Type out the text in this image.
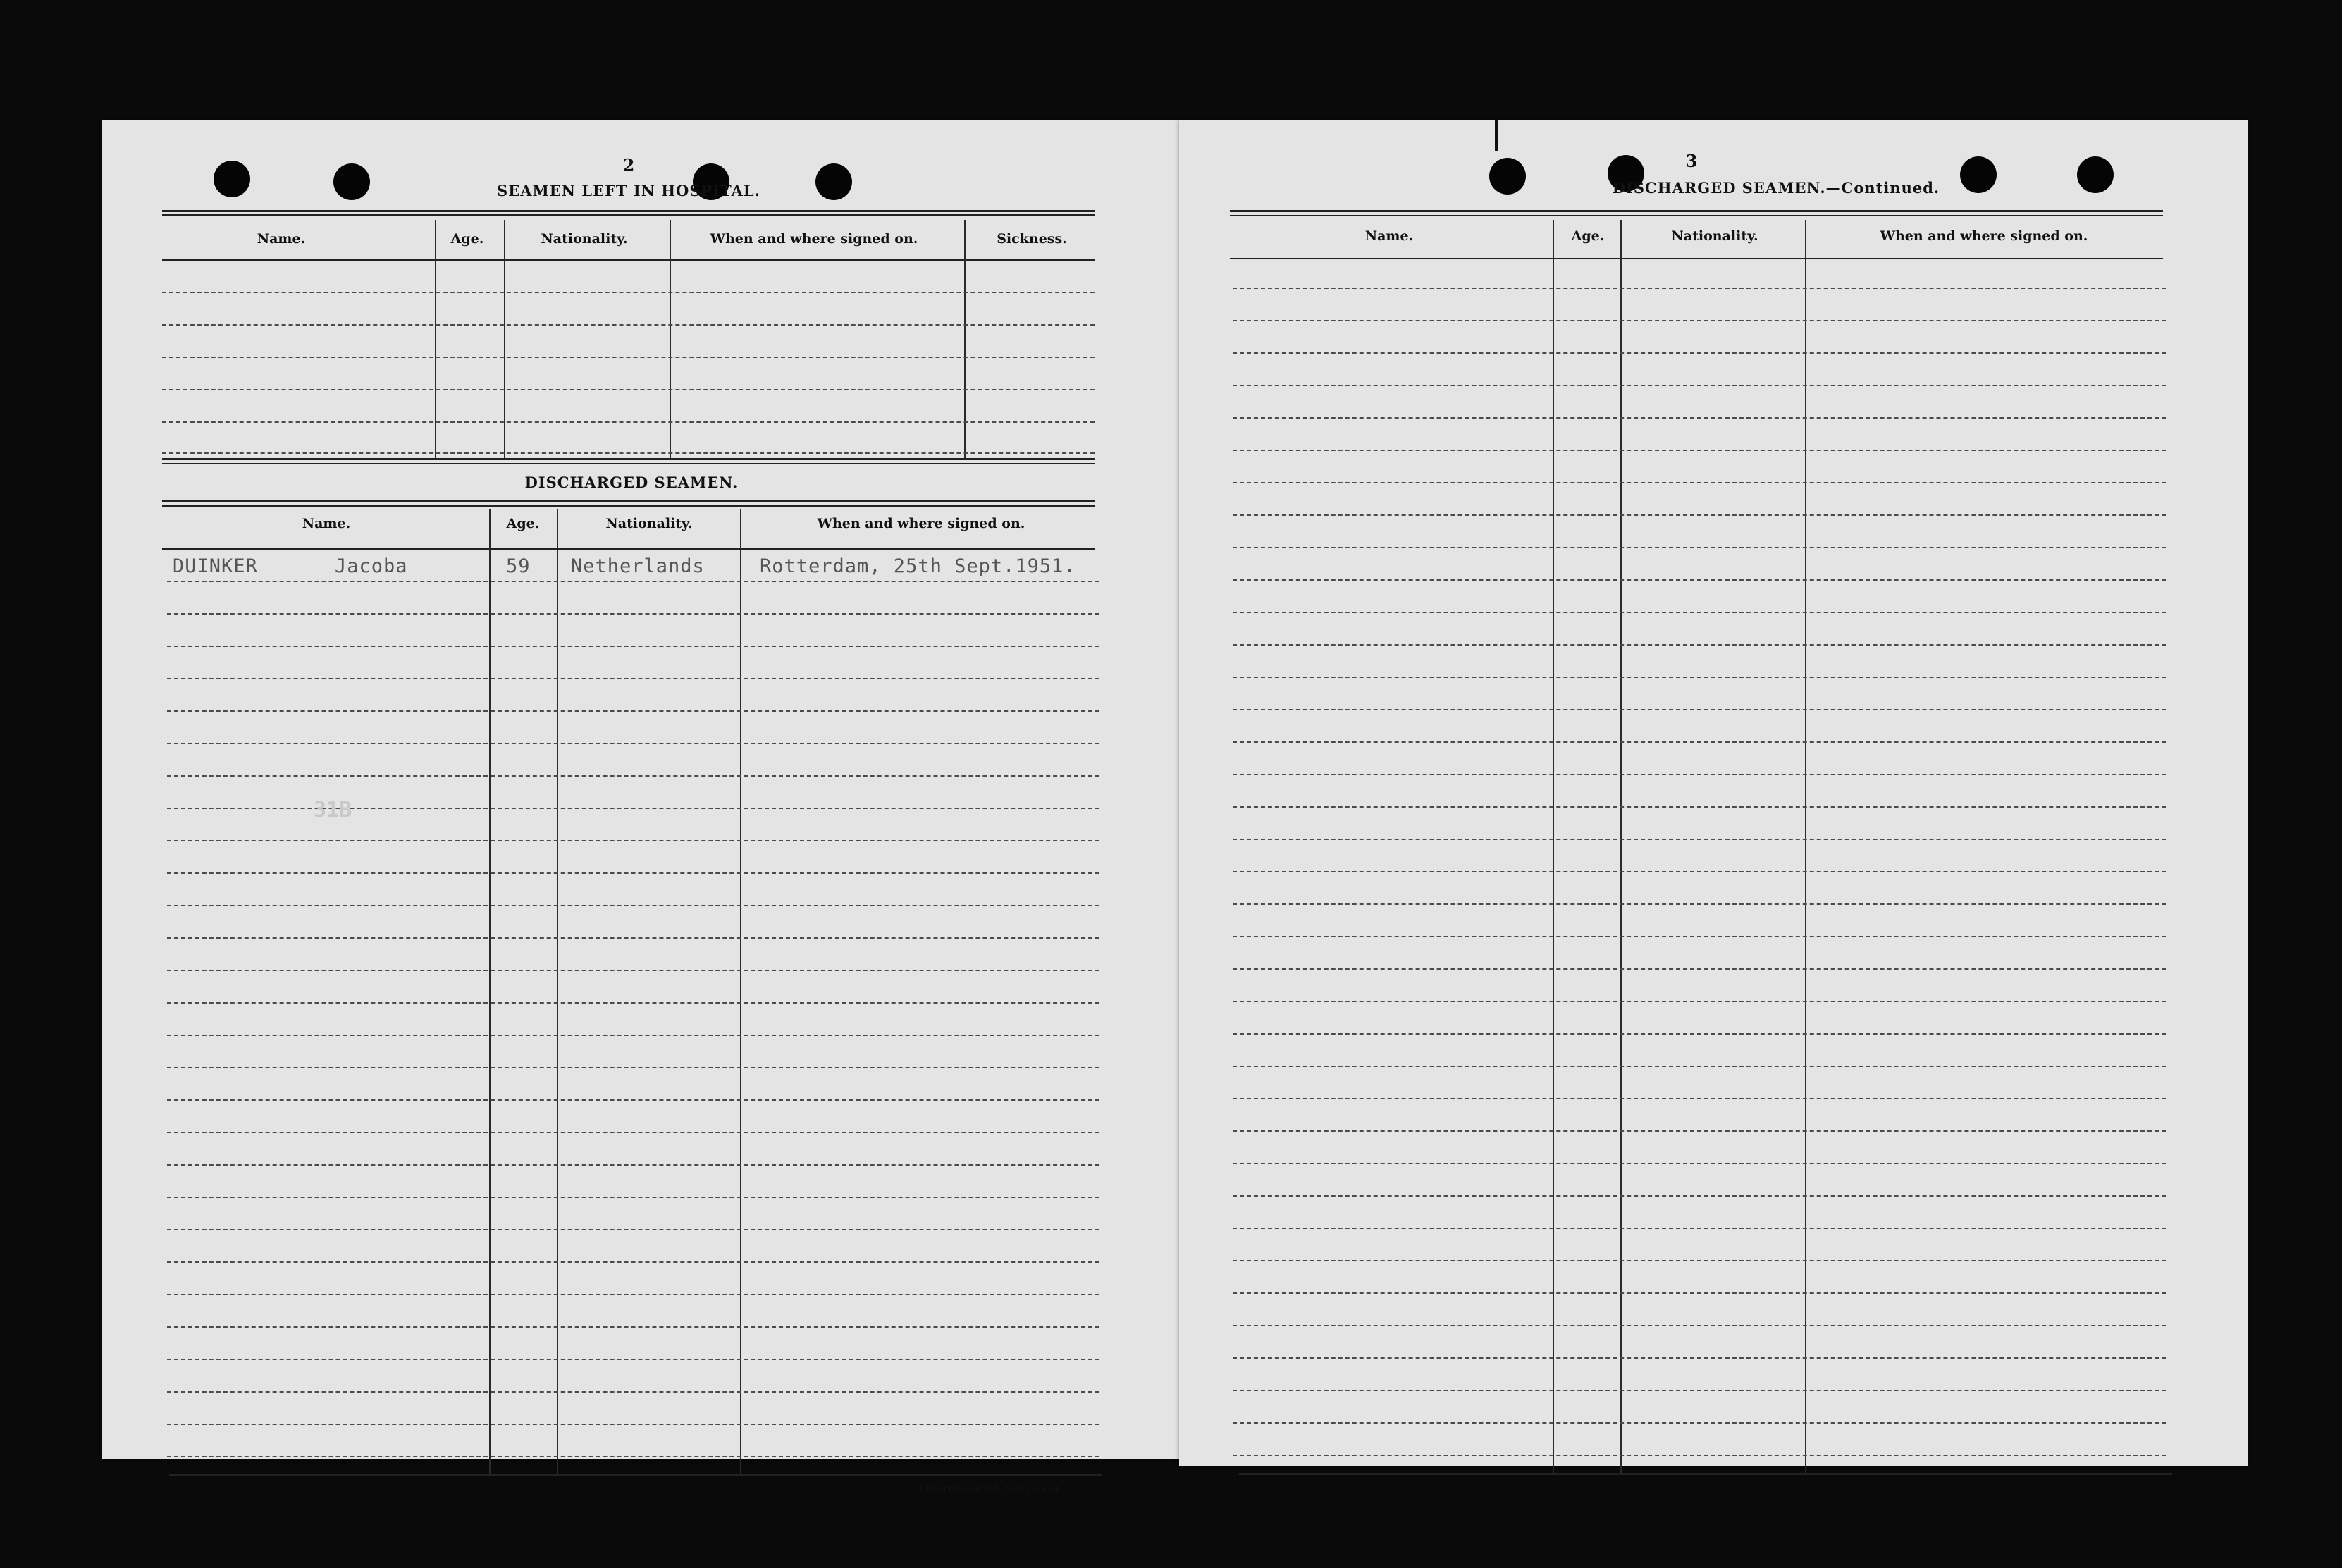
2
SEAMEN LEFT IN HOSPITAL.
Name.	Age.	Nationality.	When and where signed on.	Sickness.
DISCHARGED SEAMEN.
Name.	Age.	Nationality.	When and where signed on.
DUINKER	Jacoba	59 Netherlands	Rotterdam, 25th Sept.1951.
31B
CONTINUED ON NEXT PAGE.
3
DISCHARGED SEAMEN.—Continued.
Name.	Age.	Nationality.	When and where signed on.
